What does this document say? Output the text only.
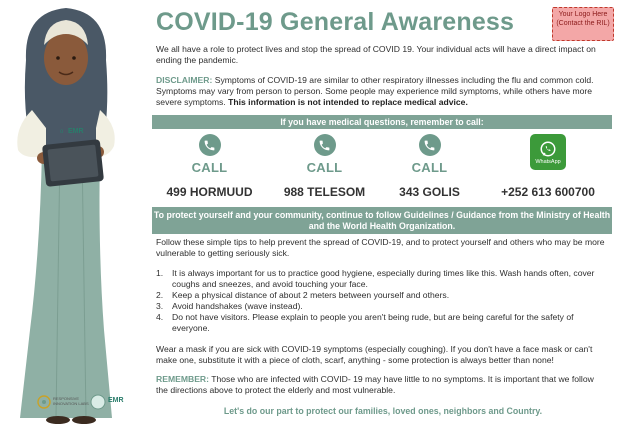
EMR
o
Your Logo Here (Contact the RIL)
COVID-19 General Awareness

We all have a role to protect lives and stop the spread of COVID 19. Your individual acts will have a direct impact on ending the pandemic.

DISCLAIMER: Symptoms of COVID-19 are similar to other respiratory illnesses including the flu and common cold. Symptoms may vary from person to person. Some people may experience mild symptoms, while others have more severe symptoms. This information is not intended to replace medical advice.

If you have medical questions, remember to call:
CALL
499 HORMUUD
CALL
988 TELESOM
CALL
343 GOLIS
WhatsApp
+252 613 600700
To protect yourself and your community, continue to follow Guidelines / Guidance from the Ministry of Health and the World Health Organization.

Follow these simple tips to help prevent the spread of COVID-19, and to protect yourself and others who may be more vulnerable to getting seriously sick.

1. It is always important for us to practice good hygiene, especially during times like this. Wash hands often, cover coughs and sneezes, and avoid touching your face.
2. Keep a physical distance of about 2 meters between yourself and others.
3. Avoid handshakes (wave instead).
4. Do not have visitors. Please explain to people you aren't being rude, but are being careful for the safety of everyone.

Wear a mask if you are sick with COVID-19 symptoms (especially coughing). If you don't have a face mask or can't make one, substitute it with a piece of cloth, scarf, anything - some protection is always better than none!

REMEMBER: Those who are infected with COVID- 19 may have little to no symptoms. It is important that we follow the directions above to protect the elderly and most vulnerable.

Let's do our part to protect our families, loved ones, neighbors and Country.
RESPONSIVE INNOVATION LABS	EMR
